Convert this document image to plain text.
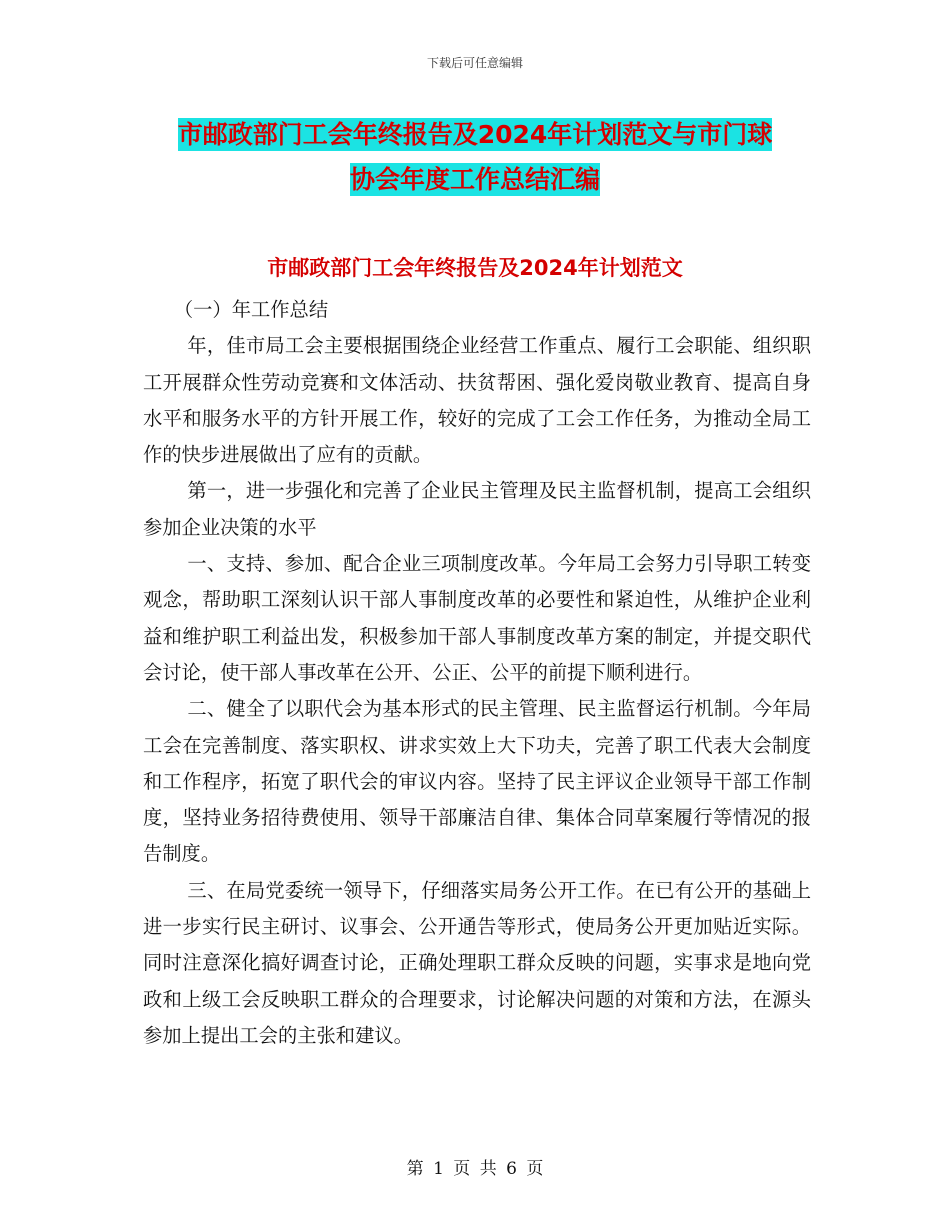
下载后可任意编辑
市邮政部门工会年终报告及2024年计划范文与市门球
协会年度工作总结汇编
市邮政部门工会年终报告及2024年计划范文

（一）年工作总结

年，佳市局工会主要根据围绕企业经营工作重点、履行工会职能、组织职工开展群众性劳动竞赛和文体活动、扶贫帮困、强化爱岗敬业教育、提高自身水平和服务水平的方针开展工作，较好的完成了工会工作任务，为推动全局工作的快步进展做出了应有的贡献。

第一，进一步强化和完善了企业民主管理及民主监督机制，提高工会组织参加企业决策的水平

一、支持、参加、配合企业三项制度改革。今年局工会努力引导职工转变观念，帮助职工深刻认识干部人事制度改革的必要性和紧迫性，从维护企业利益和维护职工利益出发，积极参加干部人事制度改革方案的制定，并提交职代会讨论，使干部人事改革在公开、公正、公平的前提下顺利进行。

二、健全了以职代会为基本形式的民主管理、民主监督运行机制。今年局工会在完善制度、落实职权、讲求实效上大下功夫，完善了职工代表大会制度和工作程序，拓宽了职代会的审议内容。坚持了民主评议企业领导干部工作制度，坚持业务招待费使用、领导干部廉洁自律、集体合同草案履行等情况的报告制度。

三、在局党委统一领导下，仔细落实局务公开工作。在已有公开的基础上进一步实行民主研讨、议事会、公开通告等形式，使局务公开更加贴近实际。同时注意深化搞好调查讨论，正确处理职工群众反映的问题，实事求是地向党政和上级工会反映职工群众的合理要求，讨论解决问题的对策和方法，在源头参加上提出工会的主张和建议。

第 1 页 共 6 页
